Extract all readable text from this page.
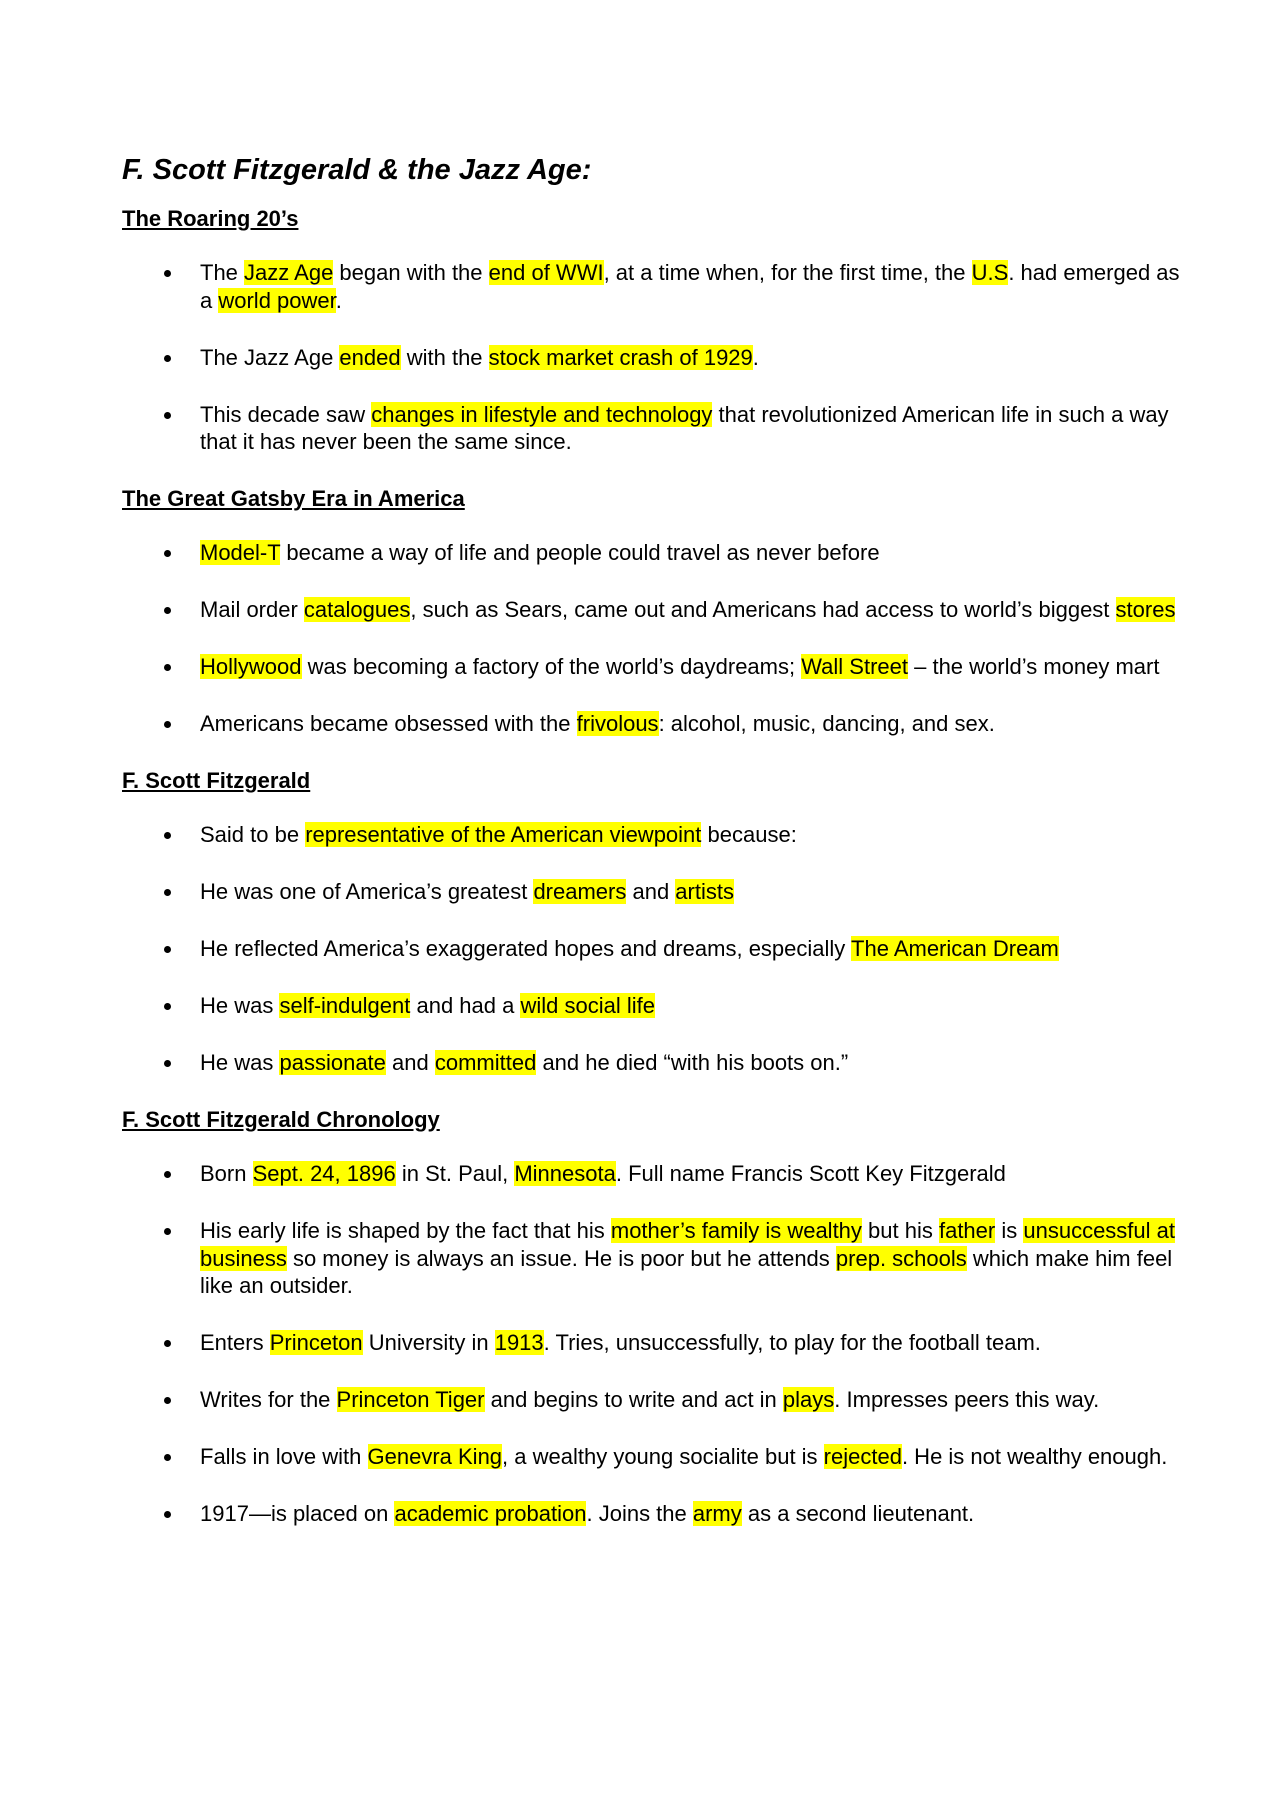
F. Scott Fitzgerald & the Jazz Age:
The Roaring 20’s
The Jazz Age began with the end of WWI, at a time when, for the first time, the U.S. had emerged as a world power.
The Jazz Age ended with the stock market crash of 1929.
This decade saw changes in lifestyle and technology that revolutionized American life in such a way that it has never been the same since.
The Great Gatsby Era in America
Model-T became a way of life and people could travel as never before
Mail order catalogues, such as Sears, came out and Americans had access to world’s biggest stores
Hollywood was becoming a factory of the world’s daydreams; Wall Street – the world’s money mart
Americans became obsessed with the frivolous: alcohol, music, dancing, and sex.
F. Scott Fitzgerald
Said to be representative of the American viewpoint because:
He was one of America’s greatest dreamers and artists
He reflected America’s exaggerated hopes and dreams, especially The American Dream
He was self-indulgent and had a wild social life
He was passionate and committed and he died “with his boots on.”
F. Scott Fitzgerald Chronology
Born Sept. 24, 1896 in St. Paul, Minnesota. Full name Francis Scott Key Fitzgerald
His early life is shaped by the fact that his mother’s family is wealthy but his father is unsuccessful at business so money is always an issue. He is poor but he attends prep. schools which make him feel like an outsider.
Enters Princeton University in 1913. Tries, unsuccessfully, to play for the football team.
Writes for the Princeton Tiger and begins to write and act in plays. Impresses peers this way.
Falls in love with Genevra King, a wealthy young socialite but is rejected. He is not wealthy enough.
1917—is placed on academic probation. Joins the army as a second lieutenant.
